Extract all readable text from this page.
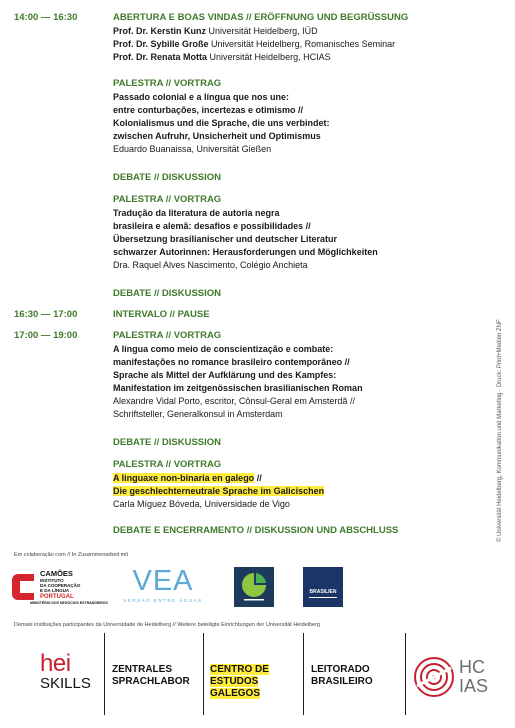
14:00 — 16:30
16:30 — 17:00
17:00 — 19:00
ABERTURA E BOAS VINDAS // ERÖFFNUNG UND BEGRÜSSUNG
Prof. Dr. Kerstin Kunz Universität Heidelberg, IÜD
Prof. Dr. Sybille Große Universität Heidelberg, Romanisches Seminar
Prof. Dr. Renata Motta Universität Heidelberg, HCIAS
PALESTRA // VORTRAG
Passado colonial e a língua que nos une:
entre conturbações, incertezas e otimismo //
Kolonialismus und die Sprache, die uns verbindet:
zwischen Aufruhr, Unsicherheit und Optimismus
Eduardo Buanaissa, Universität Gießen
DEBATE // DISKUSSION
PALESTRA // VORTRAG
Tradução da literatura de autoria negra
brasileira e alemã: desafios e possibilidades //
Übersetzung brasilianischer und deutscher Literatur
schwarzer Autorinnen: Herausforderungen und Möglichkeiten
Dra. Raquel Alves Nascimento, Colégio Anchieta
DEBATE // DISKUSSION
INTERVALO // PAUSE
PALESTRA // VORTRAG
A língua como meio de conscientização e combate:
manifestações no romance brasileiro contemporâneo //
Sprache als Mittel der Aufklärung und des Kampfes:
Manifestation im zeitgenössischen brasilianischen Roman
Alexandre Vidal Porto, escritor, Cônsul-Geral em Amsterdã //
Schriftsteller, Generalkonsul in Amsterdam
DEBATE // DISKUSSION
PALESTRA // VORTRAG
A linguaxe non-binaria en galego //
Die geschlechterneutrale Sprache im Galicischen
Carla Míguez Bóveda, Universidade de Vigo
DEBATE E ENCERRAMENTO // DISKUSSION UND ABSCHLUSS	© Universität Heidelberg, Kommunikation und Marketing · Druck: Print+Medien ZNF
Em colaboração com // In Zusammenarbeit mit
CAMÕES
INSTITUTO
DA COOPERAÇÃO
E DA LÍNGUA
PORTUGAL
MINISTÉRIO DOS NEGÓCIOS ESTRANGEIROS
VEA
VERSÃO ENTRE ÁGUAS
BRASILIEN
Demais instituições participantes da Universidade de Heidelberg // Weitere beteiligte Einrichtungen der Universität Heidelberg
hei
SKILLS
ZENTRALES
SPRACHLABOR
CENTRO DE
ESTUDOS
GALEGOS
LEITORADO
BRASILEIRO
HC
IAS
